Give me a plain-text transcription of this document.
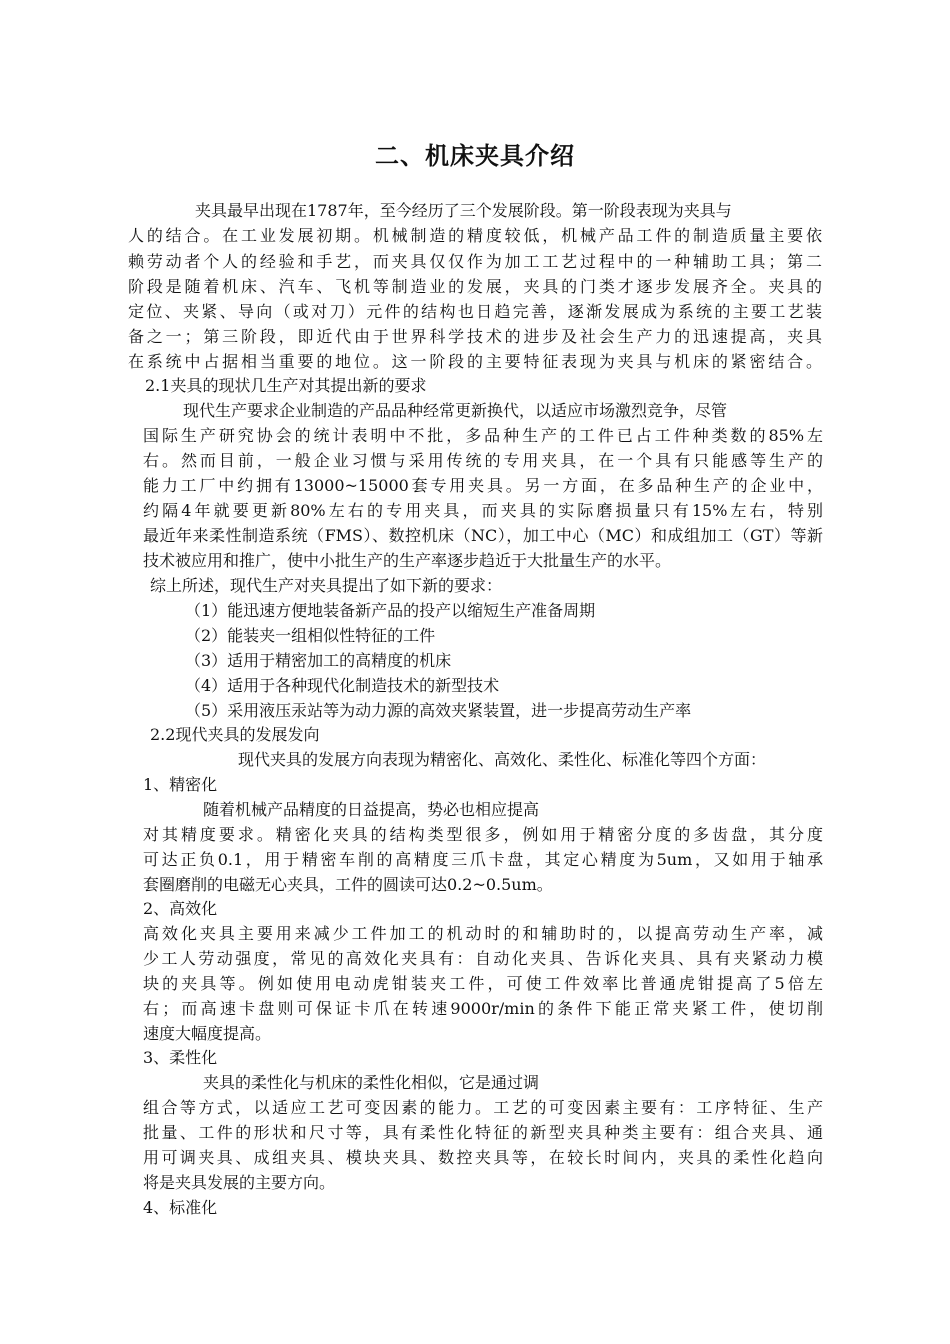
二、机床夹具介绍
夹具最早出现在1787年，至今经历了三个发展阶段。第一阶段表现为夹具与
人的结合。在工业发展初期。机械制造的精度较低，机械产品工件的制造质量主要依
赖劳动者个人的经验和手艺，而夹具仅仅作为加工工艺过程中的一种辅助工具；第二
阶段是随着机床、汽车、飞机等制造业的发展，夹具的门类才逐步发展齐全。夹具的
定位、夹紧、导向（或对刀）元件的结构也日趋完善，逐渐发展成为系统的主要工艺装
备之一；第三阶段，即近代由于世界科学技术的进步及社会生产力的迅速提高，夹具
在系统中占据相当重要的地位。这一阶段的主要特征表现为夹具与机床的紧密结合。
2.1夹具的现状几生产对其提出新的要求
现代生产要求企业制造的产品品种经常更新换代，以适应市场激烈竞争，尽管
国际生产研究协会的统计表明中不批，多品种生产的工件已占工件种类数的85%左
右。然而目前，一般企业习惯与采用传统的专用夹具，在一个具有只能感等生产的
能力工厂中约拥有13000~15000套专用夹具。另一方面，在多品种生产的企业中，
约隔4年就要更新80%左右的专用夹具，而夹具的实际磨损量只有15%左右，特别
最近年来柔性制造系统（FMS）、数控机床（NC），加工中心（MC）和成组加工（GT）等新
技术被应用和推广，使中小批生产的生产率逐步趋近于大批量生产的水平。
综上所述，现代生产对夹具提出了如下新的要求：
（1）能迅速方便地装备新产品的投产以缩短生产准备周期
（2）能装夹一组相似性特征的工件
（3）适用于精密加工的高精度的机床
（4）适用于各种现代化制造技术的新型技术
（5）采用液压汞站等为动力源的高效夹紧装置，进一步提高劳动生产率
2.2现代夹具的发展发向
现代夹具的发展方向表现为精密化、高效化、柔性化、标准化等四个方面：
1、精密化
随着机械产品精度的日益提高，势必也相应提高
对其精度要求。精密化夹具的结构类型很多，例如用于精密分度的多齿盘，其分度
可达正负0.1，用于精密车削的高精度三爪卡盘，其定心精度为5um，又如用于轴承
套圈磨削的电磁无心夹具，工件的圆读可达0.2~0.5um。
2、高效化
高效化夹具主要用来减少工件加工的机动时的和辅助时的，以提高劳动生产率，减
少工人劳动强度，常见的高效化夹具有：自动化夹具、告诉化夹具、具有夹紧动力模
块的夹具等。例如使用电动虎钳装夹工件，可使工件效率比普通虎钳提高了5倍左
右；而高速卡盘则可保证卡爪在转速9000r/min的条件下能正常夹紧工件，使切削
速度大幅度提高。
3、柔性化
夹具的柔性化与机床的柔性化相似，它是通过调
组合等方式，以适应工艺可变因素的能力。工艺的可变因素主要有：工序特征、生产
批量、工件的形状和尺寸等，具有柔性化特征的新型夹具种类主要有：组合夹具、通
用可调夹具、成组夹具、模块夹具、数控夹具等，在较长时间内，夹具的柔性化趋向
将是夹具发展的主要方向。
4、标准化
